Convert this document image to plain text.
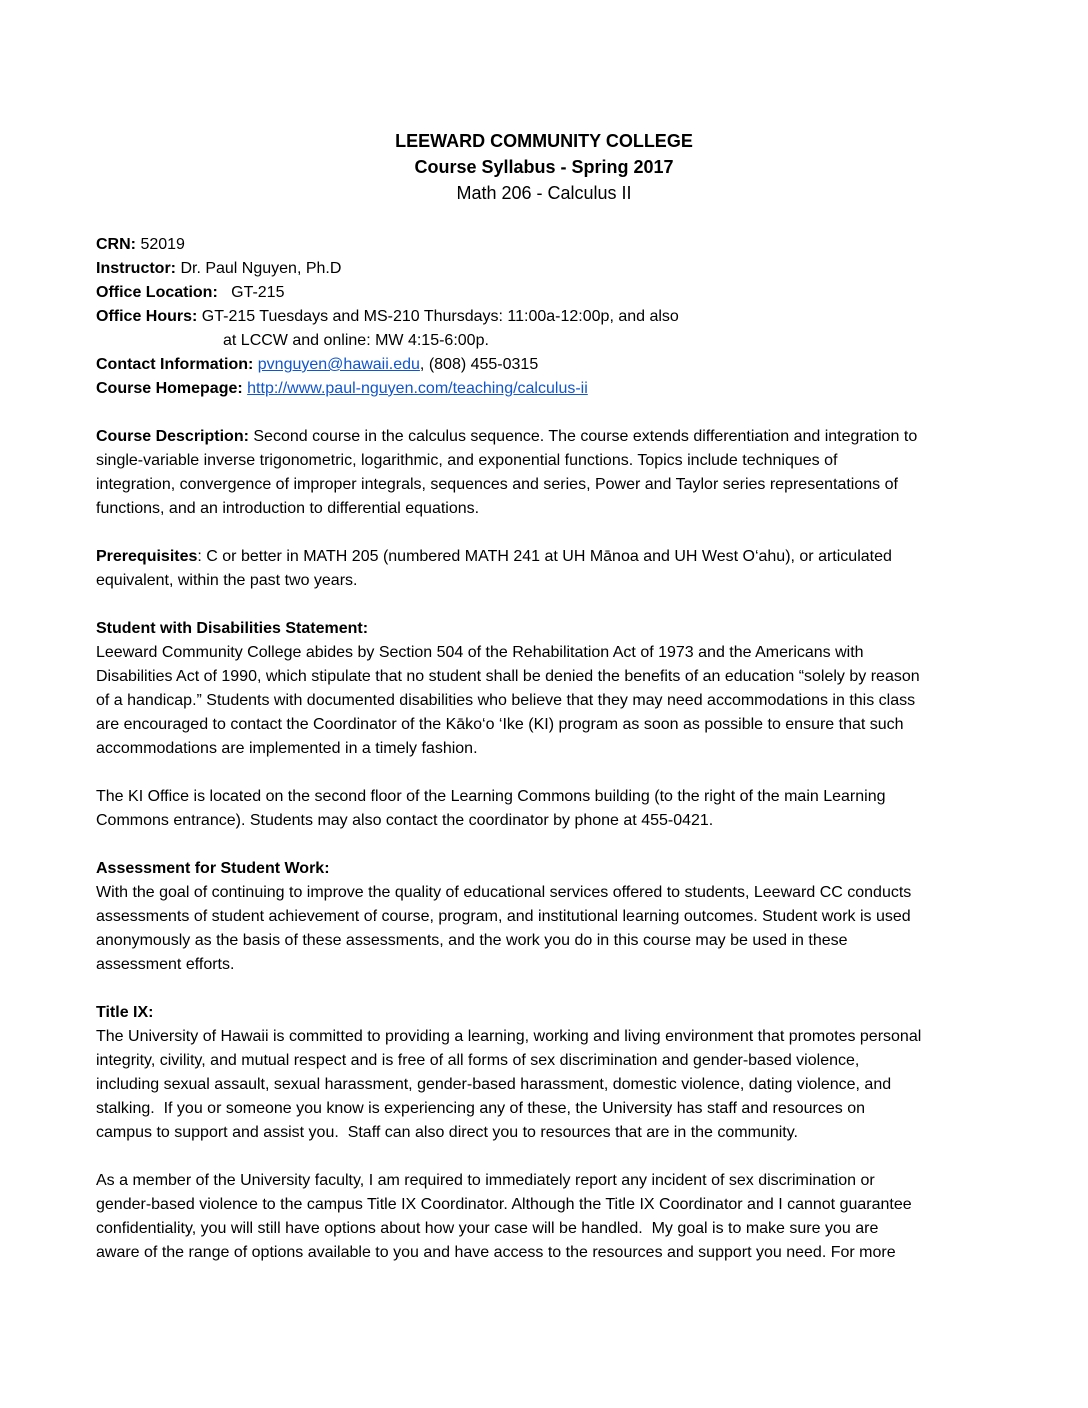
LEEWARD COMMUNITY COLLEGE
Course Syllabus - Spring 2017
Math 206 - Calculus II
CRN: 52019
Instructor: Dr. Paul Nguyen, Ph.D
Office Location:   GT-215
Office Hours: GT-215 Tuesdays and MS-210 Thursdays: 11:00a-12:00p, and also
at LCCW and online: MW 4:15-6:00p.
Contact Information: pvnguyen@hawaii.edu, (808) 455-0315
Course Homepage: http://www.paul-nguyen.com/teaching/calculus-ii
Course Description: Second course in the calculus sequence. The course extends differentiation and integration to
single-variable inverse trigonometric, logarithmic, and exponential functions. Topics include techniques of
integration, convergence of improper integrals, sequences and series, Power and Taylor series representations of
functions, and an introduction to differential equations.
Prerequisites: C or better in MATH 205 (numbered MATH 241 at UH Mānoa and UH West O‘ahu), or articulated
equivalent, within the past two years.
Student with Disabilities Statement:
Leeward Community College abides by Section 504 of the Rehabilitation Act of 1973 and the Americans with
Disabilities Act of 1990, which stipulate that no student shall be denied the benefits of an education “solely by reason
of a handicap.” Students with documented disabilities who believe that they may need accommodations in this class
are encouraged to contact the Coordinator of the Kāko‘o ‘Ike (KI) program as soon as possible to ensure that such
accommodations are implemented in a timely fashion.
The KI Office is located on the second floor of the Learning Commons building (to the right of the main Learning
Commons entrance). Students may also contact the coordinator by phone at 455-0421.
Assessment for Student Work:
With the goal of continuing to improve the quality of educational services offered to students, Leeward CC conducts
assessments of student achievement of course, program, and institutional learning outcomes. Student work is used
anonymously as the basis of these assessments, and the work you do in this course may be used in these
assessment efforts.
Title IX:
The University of Hawaii is committed to providing a learning, working and living environment that promotes personal
integrity, civility, and mutual respect and is free of all forms of sex discrimination and gender-based violence,
including sexual assault, sexual harassment, gender-based harassment, domestic violence, dating violence, and
stalking.  If you or someone you know is experiencing any of these, the University has staff and resources on
campus to support and assist you.  Staff can also direct you to resources that are in the community.
As a member of the University faculty, I am required to immediately report any incident of sex discrimination or
gender-based violence to the campus Title IX Coordinator. Although the Title IX Coordinator and I cannot guarantee
confidentiality, you will still have options about how your case will be handled.  My goal is to make sure you are
aware of the range of options available to you and have access to the resources and support you need. For more
